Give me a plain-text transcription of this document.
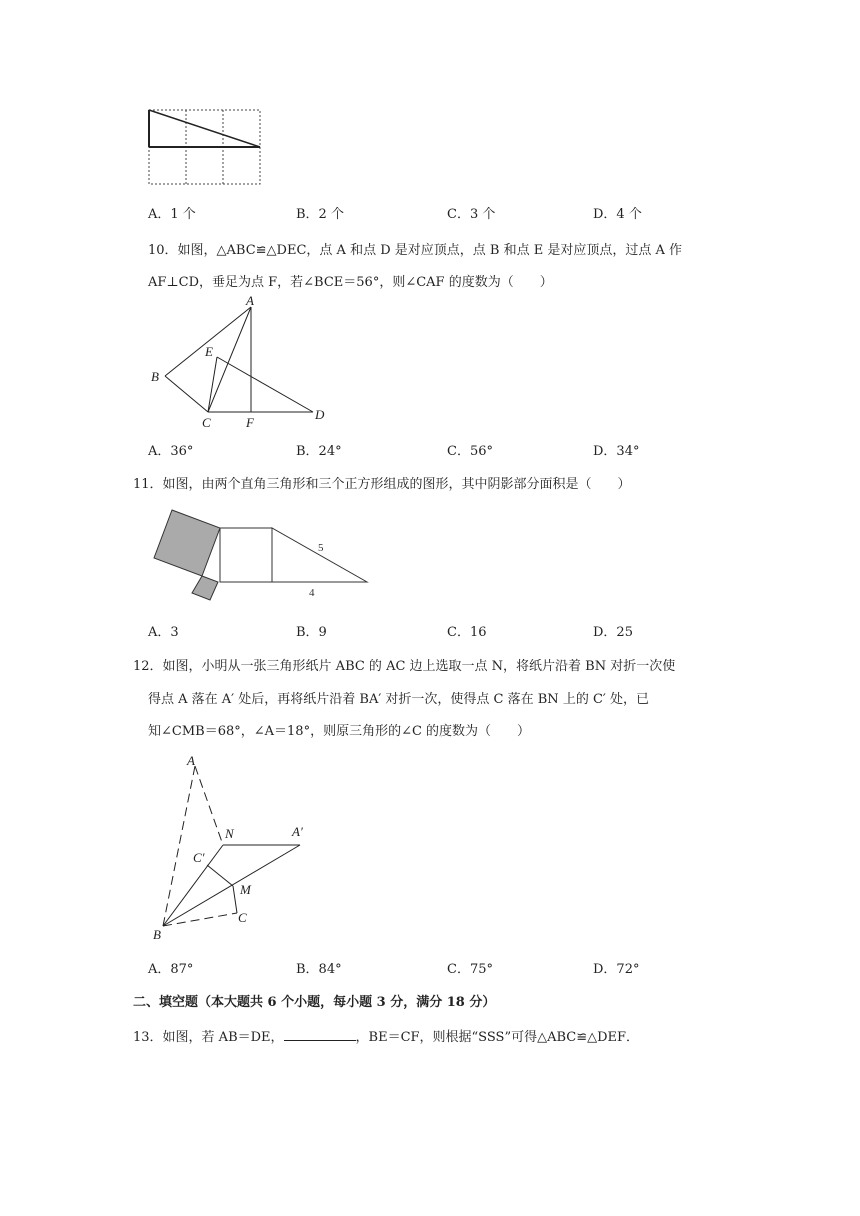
A．1 个	B．2 个	C．3 个	D．4 个
10．如图，△ABC≌△DEC，点 A 和点 D 是对应顶点，点 B 和点 E 是对应顶点，过点 A 作
AF⊥CD，垂足为点 F，若∠BCE＝56°，则∠CAF 的度数为（　　）
A
B
C
D
E
F
A．36°	B．24°	C．56°	D．34°
11．如图，由两个直角三角形和三个正方形组成的图形，其中阴影部分面积是（　　）
5
4
A．3	B．9	C．16	D．25
12．如图，小明从一张三角形纸片 ABC 的 AC 边上选取一点 N，将纸片沿着 BN 对折一次使
得点 A 落在 A′ 处后，再将纸片沿着 BA′ 对折一次，使得点 C 落在 BN 上的 C′ 处，已
知∠CMB＝68°，∠A＝18°，则原三角形的∠C 的度数为（　　）
A
N	A′
C′
M
C
B
A．87°	B．84°	C．75°	D．72°
二、填空题（本大题共 6 个小题，每小题 3 分，满分 18 分）
13．如图，若 AB＝DE，	，BE＝CF，则根据“SSS”可得△ABC≌△DEF．
